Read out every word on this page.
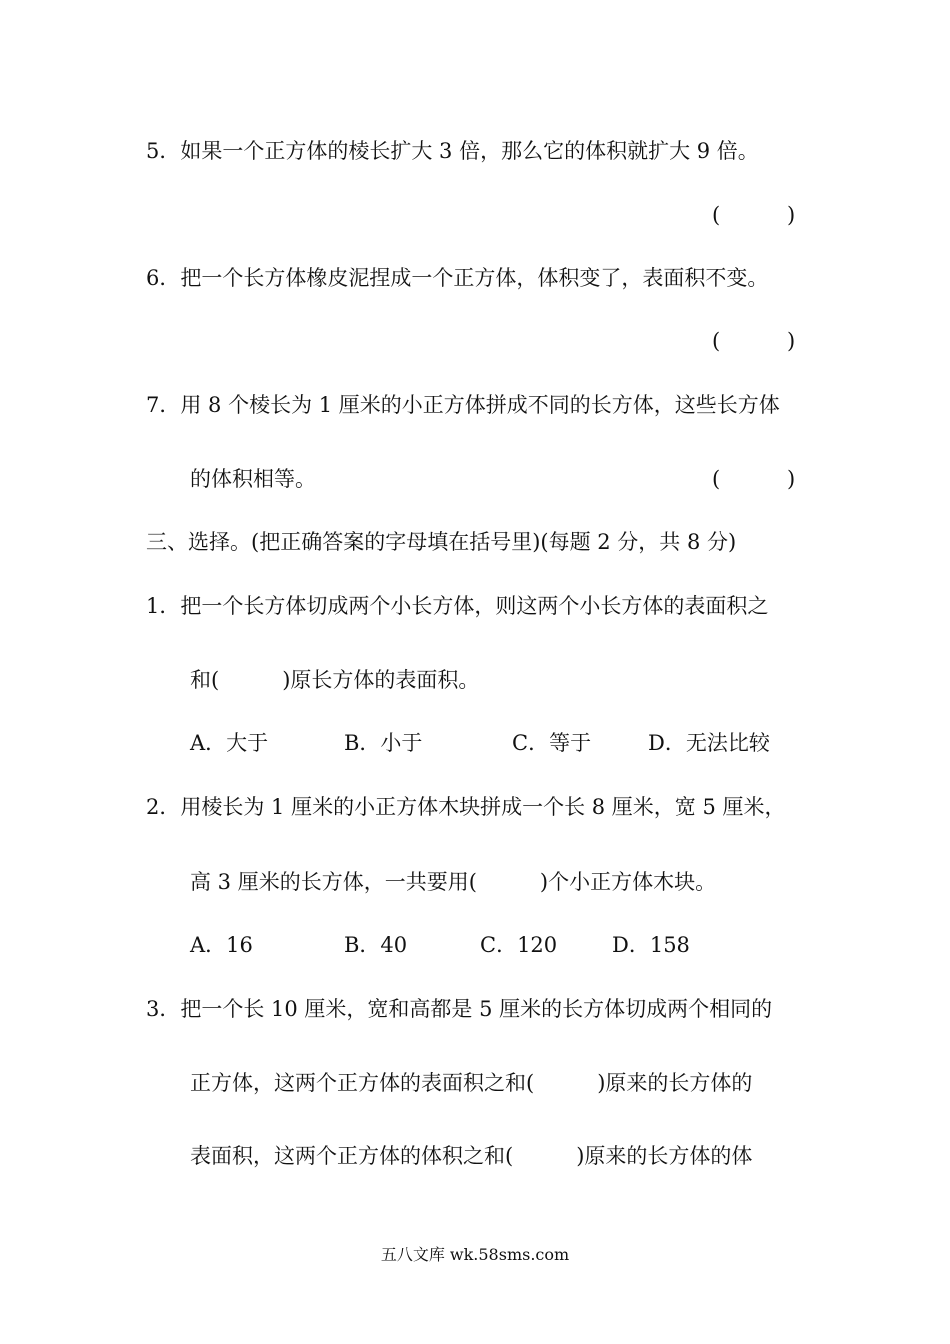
5．如果一个正方体的棱长扩大 3 倍，那么它的体积就扩大 9 倍。
(	)
6．把一个长方体橡皮泥捏成一个正方体，体积变了，表面积不变。
(	)
7．用 8 个棱长为 1 厘米的小正方体拼成不同的长方体，这些长方体
的体积相等。	(	)
三、选择。(把正确答案的字母填在括号里)(每题 2 分，共 8 分)
1．把一个长方体切成两个小长方体，则这两个小长方体的表面积之
和(　　　)原长方体的表面积。
A．大于	B．小于	C．等于	D．无法比较
2．用棱长为 1 厘米的小正方体木块拼成一个长 8 厘米，宽 5 厘米，
高 3 厘米的长方体，一共要用(　　　)个小正方体木块。
A．16	B．40	C．120	D．158
3．把一个长 10 厘米，宽和高都是 5 厘米的长方体切成两个相同的
正方体，这两个正方体的表面积之和(　　　)原来的长方体的
表面积，这两个正方体的体积之和(　　　)原来的长方体的体
五八文库 wk.58sms.com
